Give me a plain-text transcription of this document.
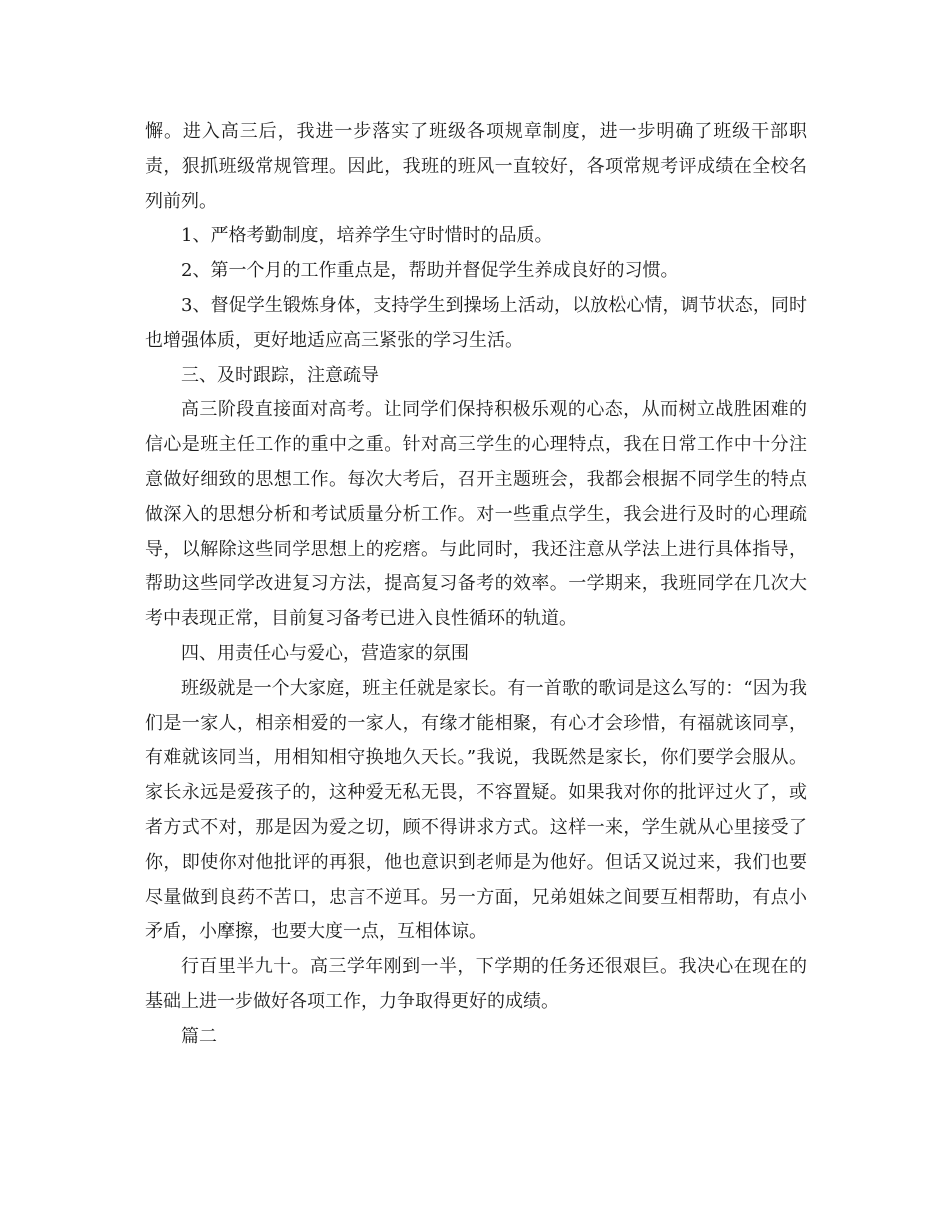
懈。进入高三后，我进一步落实了班级各项规章制度，进一步明确了班级干部职责，狠抓班级常规管理。因此，我班的班风一直较好，各项常规考评成绩在全校名列前列。

1、严格考勤制度，培养学生守时惜时的品质。

2、第一个月的工作重点是，帮助并督促学生养成良好的习惯。

3、督促学生锻炼身体，支持学生到操场上活动，以放松心情，调节状态，同时也增强体质，更好地适应高三紧张的学习生活。

三、及时跟踪，注意疏导

高三阶段直接面对高考。让同学们保持积极乐观的心态，从而树立战胜困难的信心是班主任工作的重中之重。针对高三学生的心理特点，我在日常工作中十分注意做好细致的思想工作。每次大考后，召开主题班会，我都会根据不同学生的特点做深入的思想分析和考试质量分析工作。对一些重点学生，我会进行及时的心理疏导，以解除这些同学思想上的疙瘩。与此同时，我还注意从学法上进行具体指导，帮助这些同学改进复习方法，提高复习备考的效率。一学期来，我班同学在几次大考中表现正常，目前复习备考已进入良性循环的轨道。

四、用责任心与爱心，营造家的氛围

班级就是一个大家庭，班主任就是家长。有一首歌的歌词是这么写的：“因为我们是一家人，相亲相爱的一家人，有缘才能相聚，有心才会珍惜，有福就该同享，有难就该同当，用相知相守换地久天长。”我说，我既然是家长，你们要学会服从。家长永远是爱孩子的，这种爱无私无畏，不容置疑。如果我对你的批评过火了，或者方式不对，那是因为爱之切，顾不得讲求方式。这样一来，学生就从心里接受了你，即使你对他批评的再狠，他也意识到老师是为他好。但话又说过来，我们也要尽量做到良药不苦口，忠言不逆耳。另一方面，兄弟姐妹之间要互相帮助，有点小矛盾，小摩擦，也要大度一点，互相体谅。

行百里半九十。高三学年刚到一半，下学期的任务还很艰巨。我决心在现在的基础上进一步做好各项工作，力争取得更好的成绩。

篇二
